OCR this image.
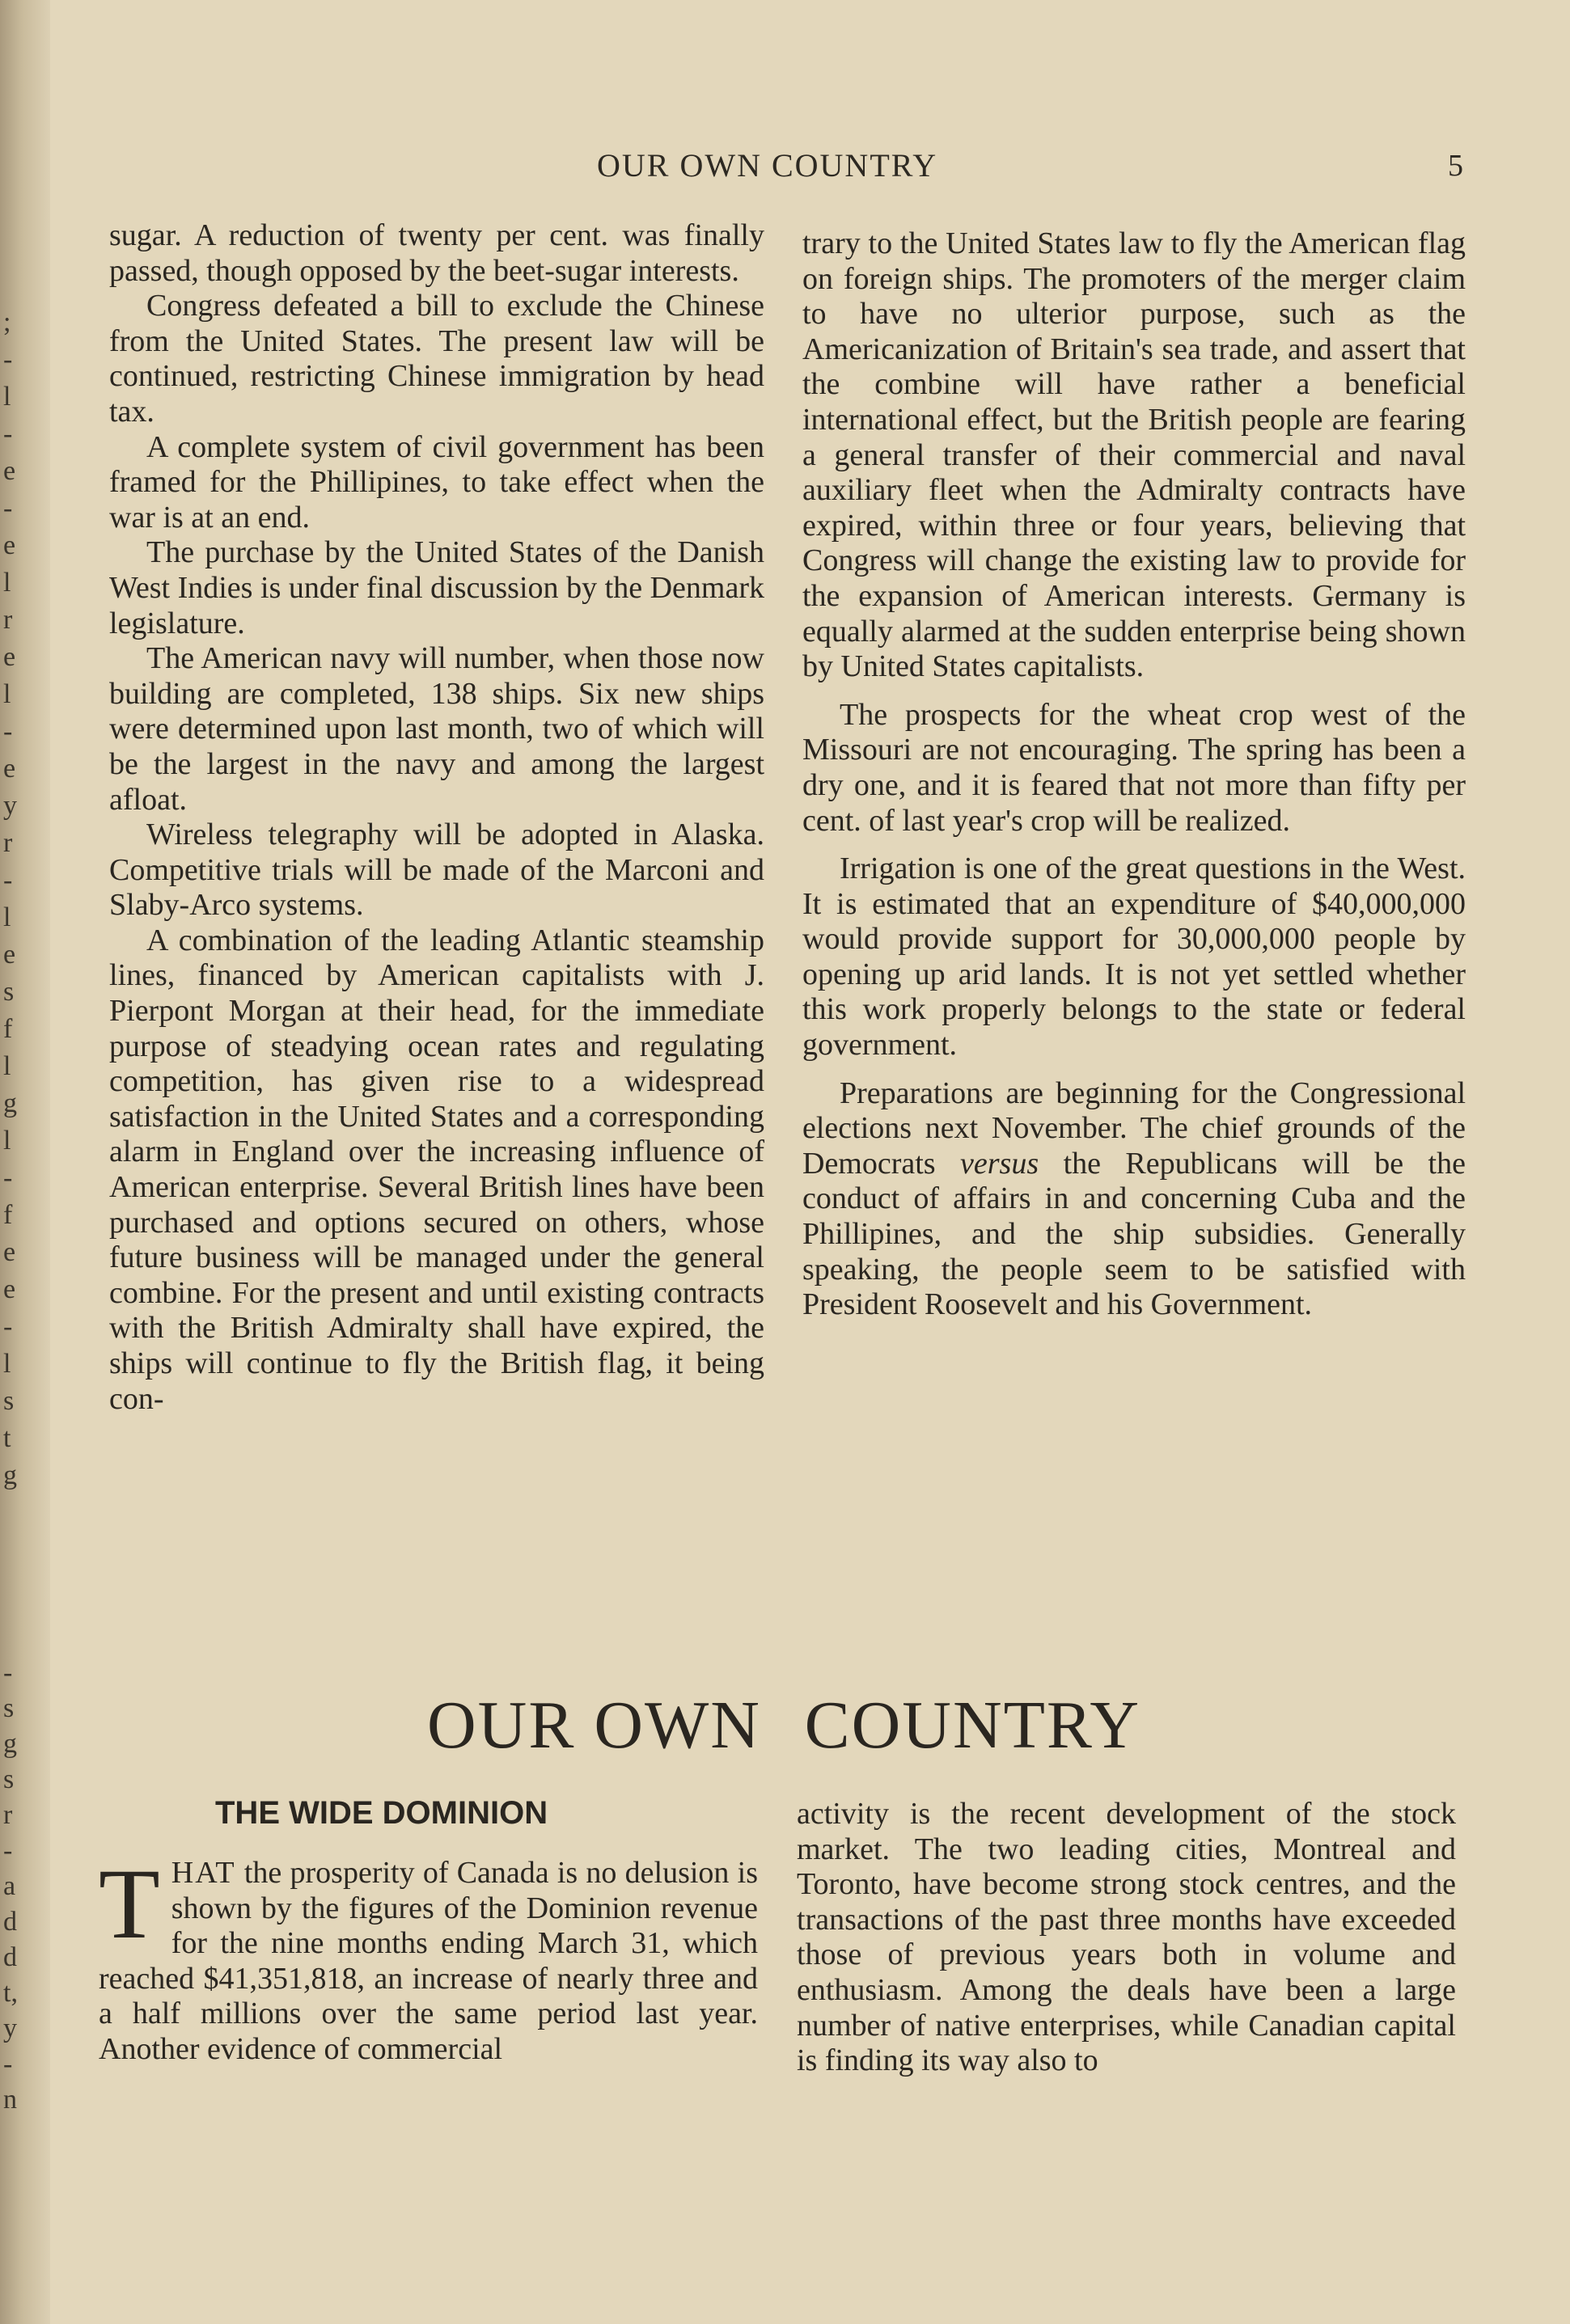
;
-
l
-
e
-
e
l
r
e
l
-
e
y
r
-
l
e
s
f
l
g
l
-
f
e
e
-
l
s
t
g
-
s
g
s
r
-
a
d
d
t,
y
-
n
OUR OWN COUNTRY	5

sugar. A reduction of twenty per cent. was finally passed, though opposed by the beet-sugar interests.

Congress defeated a bill to exclude the Chinese from the United States. The present law will be continued, restricting Chinese immigration by head tax.

A complete system of civil government has been framed for the Phillipines, to take effect when the war is at an end.

The purchase by the United States of the Danish West Indies is under final discussion by the Denmark legislature.

The American navy will number, when those now building are completed, 138 ships. Six new ships were determined upon last month, two of which will be the largest in the navy and among the largest afloat.

Wireless telegraphy will be adopted in Alaska. Competitive trials will be made of the Marconi and Slaby-Arco systems.

A combination of the leading Atlantic steamship lines, financed by American capitalists with J. Pierpont Morgan at their head, for the immediate purpose of steadying ocean rates and regulating competition, has given rise to a widespread satisfaction in the United States and a corresponding alarm in England over the increasing influence of American enterprise. Several British lines have been purchased and options secured on others, whose future business will be managed under the general combine. For the present and until existing contracts with the British Admiralty shall have expired, the ships will continue to fly the British flag, it being con-

trary to the United States law to fly the American flag on foreign ships. The promoters of the merger claim to have no ulterior purpose, such as the Americanization of Britain's sea trade, and assert that the combine will have rather a beneficial international effect, but the British people are fearing a general transfer of their commercial and naval auxiliary fleet when the Admiralty contracts have expired, within three or four years, believing that Congress will change the existing law to provide for the expansion of American interests. Germany is equally alarmed at the sudden enterprise being shown by United States capitalists.

The prospects for the wheat crop west of the Missouri are not encouraging. The spring has been a dry one, and it is feared that not more than fifty per cent. of last year's crop will be realized.

Irrigation is one of the great questions in the West. It is estimated that an expenditure of $40,000,000 would provide support for 30,000,000 people by opening up arid lands. It is not yet settled whether this work properly belongs to the state or federal government.

Preparations are beginning for the Congressional elections next November. The chief grounds of the Democrats versus the Republicans will be the conduct of affairs in and concerning Cuba and the Phillipines, and the ship subsidies. Generally speaking, the people seem to be satisfied with President Roosevelt and his Government.

OUR OWN COUNTRY
THE WIDE DOMINION

THAT the prosperity of Canada is no delusion is shown by the figures of the Dominion revenue for the nine months ending March 31, which reached $41,351,818, an increase of nearly three and a half millions over the same period last year. Another evidence of commercial

activity is the recent development of the stock market. The two leading cities, Montreal and Toronto, have become strong stock centres, and the transactions of the past three months have exceeded those of previous years both in volume and enthusiasm. Among the deals have been a large number of native enterprises, while Canadian capital is finding its way also to
